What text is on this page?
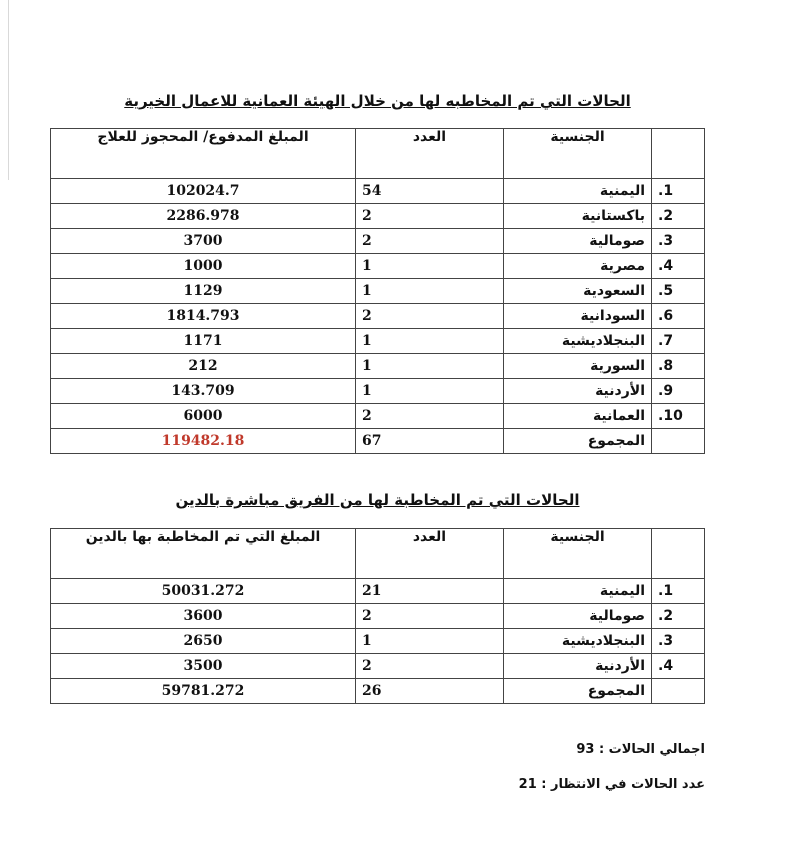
الحالات التي تم المخاطبه لها من خلال الهيئة العمانية للاعمال الخيرية
	الجنسية	العدد	المبلغ المدفوع/ المحجوز للعلاج
1.	اليمنية	54	102024.7
2.	باكستانية	2	2286.978
3.	صومالية	2	3700
4.	مصرية	1	1000
5.	السعودية	1	1129
6.	السودانية	2	1814.793
7.	البنجلاديشية	1	1171
8.	السورية	1	212
9.	الأردنية	1	143.709
10.	العمانية	2	6000
	المجموع	67	119482.18
الحالات التي تم المخاطبة لها من الفريق مباشرة بالدين
	الجنسية	العدد	المبلغ التي تم المخاطبة بها بالدين
1.	اليمنية	21	50031.272
2.	صومالية	2	3600
3.	البنجلاديشية	1	2650
4.	الأردنية	2	3500
	المجموع	26	59781.272
اجمالي الحالات : 93
عدد الحالات في الانتظار : 21
